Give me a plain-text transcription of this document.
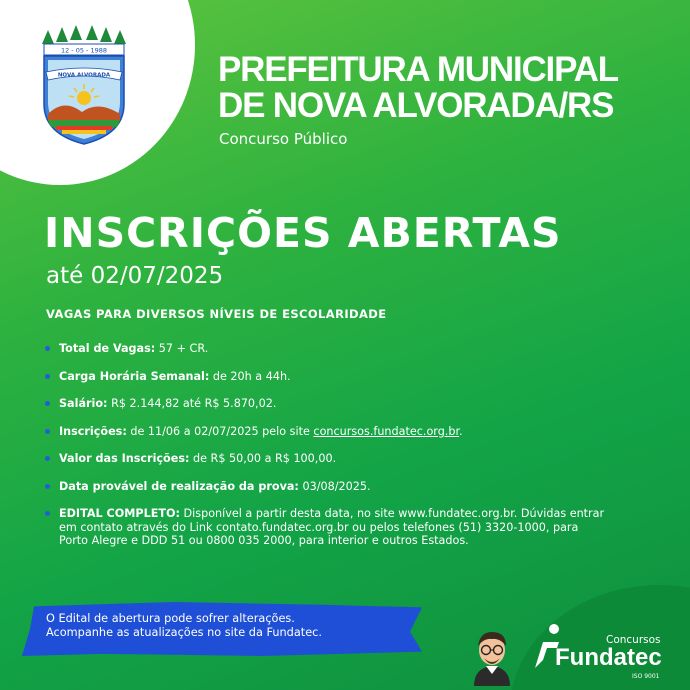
12 - 05 - 1988
NOVA ALVORADA	PREFEITURA MUNICIPAL
DE NOVA ALVORADA/RS
Concurso Público
INSCRIÇÕES ABERTAS
até 02/07/2025
VAGAS PARA DIVERSOS NÍVEIS DE ESCOLARIDADE
Total de Vagas: 57 + CR.
Carga Horária Semanal: de 20h a 44h.
Salário: R$ 2.144,82 até R$ 5.870,02.
Inscrições: de 11/06 a 02/07/2025 pelo site concursos.fundatec.org.br.
Valor das Inscrições: de R$ 50,00 a R$ 100,00.
Data provável de realização da prova: 03/08/2025.
EDITAL COMPLETO: Disponível a partir desta data, no site www.fundatec.org.br. Dúvidas entrar em contato através do Link contato.fundatec.org.br ou pelos telefones (51) 3320-1000, para Porto Alegre e DDD 51 ou 0800 035 2000, para interior e outros Estados.
O Edital de abertura pode sofrer alterações.
Acompanhe as atualizações no site da Fundatec.
Concursos
Fundatec
ISO 9001
